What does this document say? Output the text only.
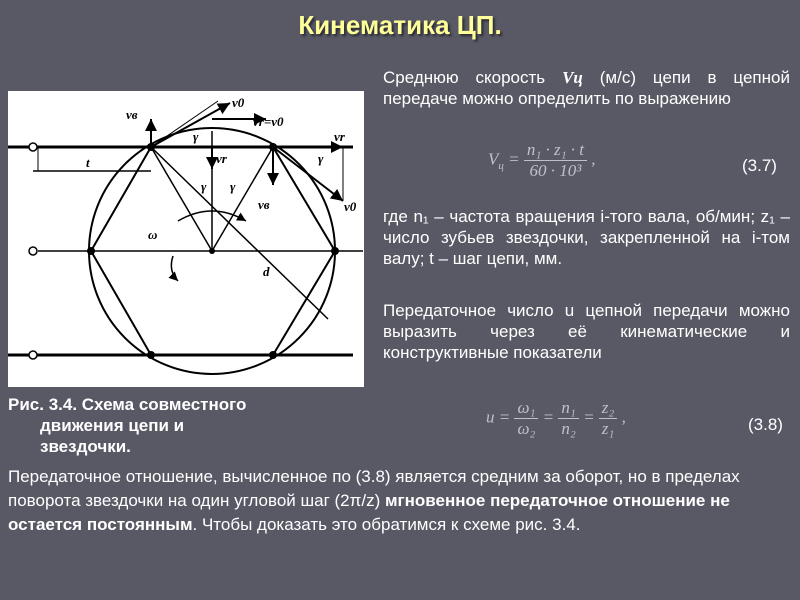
Кинематика ЦП.
t
d
ω
γ
γ γ
γ
vв
v0
vr=v0
vr
vr
vв	v0
Среднюю скорость Vц (м/с) цепи в цепной передаче можно определить по выражению
$V_ц = \frac{\text{n₁ · z₁ · t}}{\text{60 · 10³}}$ ,	(3.7)
где n₁ – частота вращения i-того вала, об/мин; z₁ – число зубьев звездочки, закрепленной на i-том валу; t – шаг цепи, мм.
Передаточное число u цепной передачи можно выразить через её кинематические и конструктивные показатели
$u = \frac{\text{ω₁}}{\text{ω₂}} = \frac{\text{n₁}}{\text{n₂}} = \frac{\text{z₂}}{\text{z₁}}$ ,	(3.8)
Рис. 3.4. Схема совместного
движения цепи и
звездочки.
Передаточное отношение, вычисленное по (3.8) является средним за оборот, но в пределах поворота звездочки на один угловой шаг (2π/z) мгновенное передаточное отношение не остается постоянным. Чтобы доказать это обратимся к схеме рис. 3.4.
